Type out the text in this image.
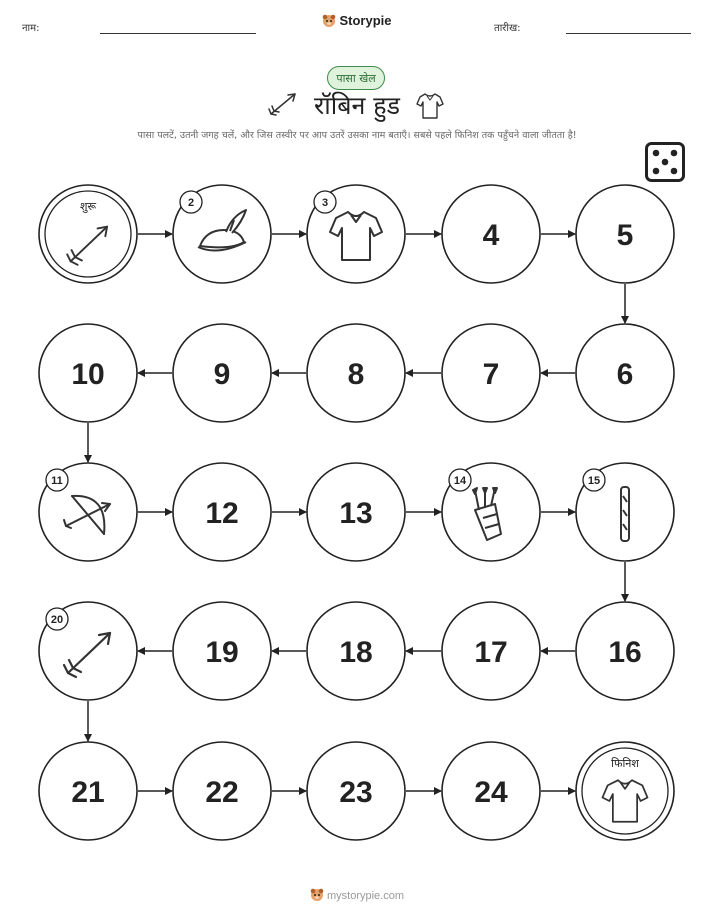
नाम:
Storypie
तारीख:
पासा खेल
रॉबिन हुड
पासा पलटें, उतनी जगह चलें, और जिस तस्वीर पर आप उतरें उसका नाम बताएँ। सबसे पहले फिनिश तक पहुँचने वाला जीतता है!
शुरू	2	3
4	5
6
7
8
9
10
11
12	13
14	15
16
17
18
19
20
21	22	23	24
फिनिश
mystorypie.com
